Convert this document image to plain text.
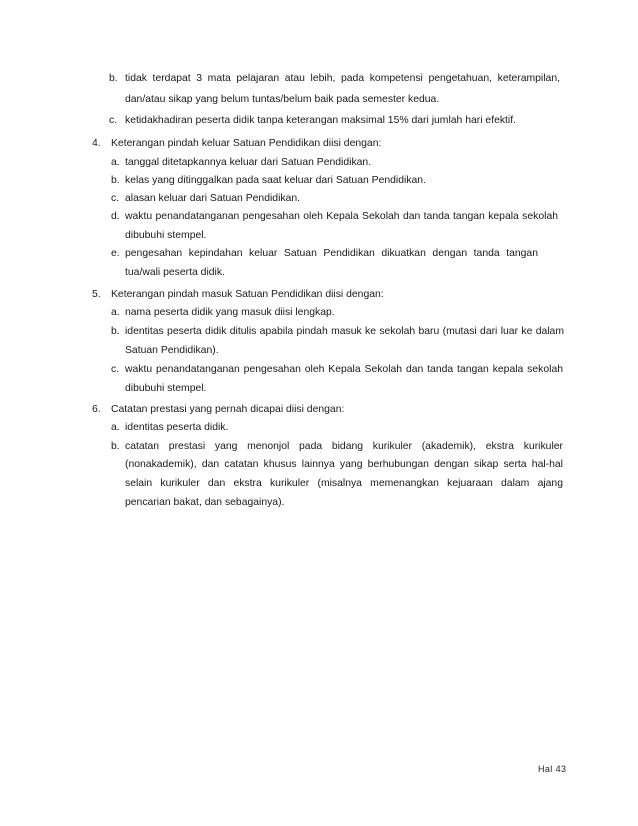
b. tidak terdapat 3 mata pelajaran atau lebih, pada kompetensi pengetahuan, keterampilan,
dan/atau sikap yang belum tuntas/belum baik pada semester kedua.
c. ketidakhadiran peserta didik tanpa keterangan maksimal 15% dari jumlah hari efektif.
4. Keterangan pindah keluar Satuan Pendidikan diisi dengan:
a. tanggal ditetapkannya keluar dari Satuan Pendidikan.
b. kelas yang ditinggalkan pada saat keluar dari Satuan Pendidikan.
c. alasan keluar dari Satuan Pendidikan.
d. waktu penandatanganan pengesahan oleh Kepala Sekolah dan tanda tangan kepala sekolah
dibubuhi stempel.
e. pengesahan kepindahan keluar Satuan Pendidikan dikuatkan dengan tanda tangan
tua/wali peserta didik.
5. Keterangan pindah masuk Satuan Pendidikan diisi dengan:
a. nama peserta didik yang masuk diisi lengkap.
b. identitas peserta didik ditulis apabila pindah masuk ke sekolah baru (mutasi dari luar ke dalam
Satuan Pendidikan).
c. waktu penandatanganan pengesahan oleh Kepala Sekolah dan tanda tangan kepala sekolah
dibubuhi stempel.
6. Catatan prestasi yang pernah dicapai diisi dengan:
a. identitas peserta didik.
b. catatan prestasi yang menonjol pada bidang kurikuler (akademik), ekstra kurikuler
(nonakademik), dan catatan khusus lainnya yang berhubungan dengan sikap serta hal-hal
selain kurikuler dan ekstra kurikuler (misalnya memenangkan kejuaraan dalam ajang
pencarian bakat, dan sebagainya).
Hal 43
